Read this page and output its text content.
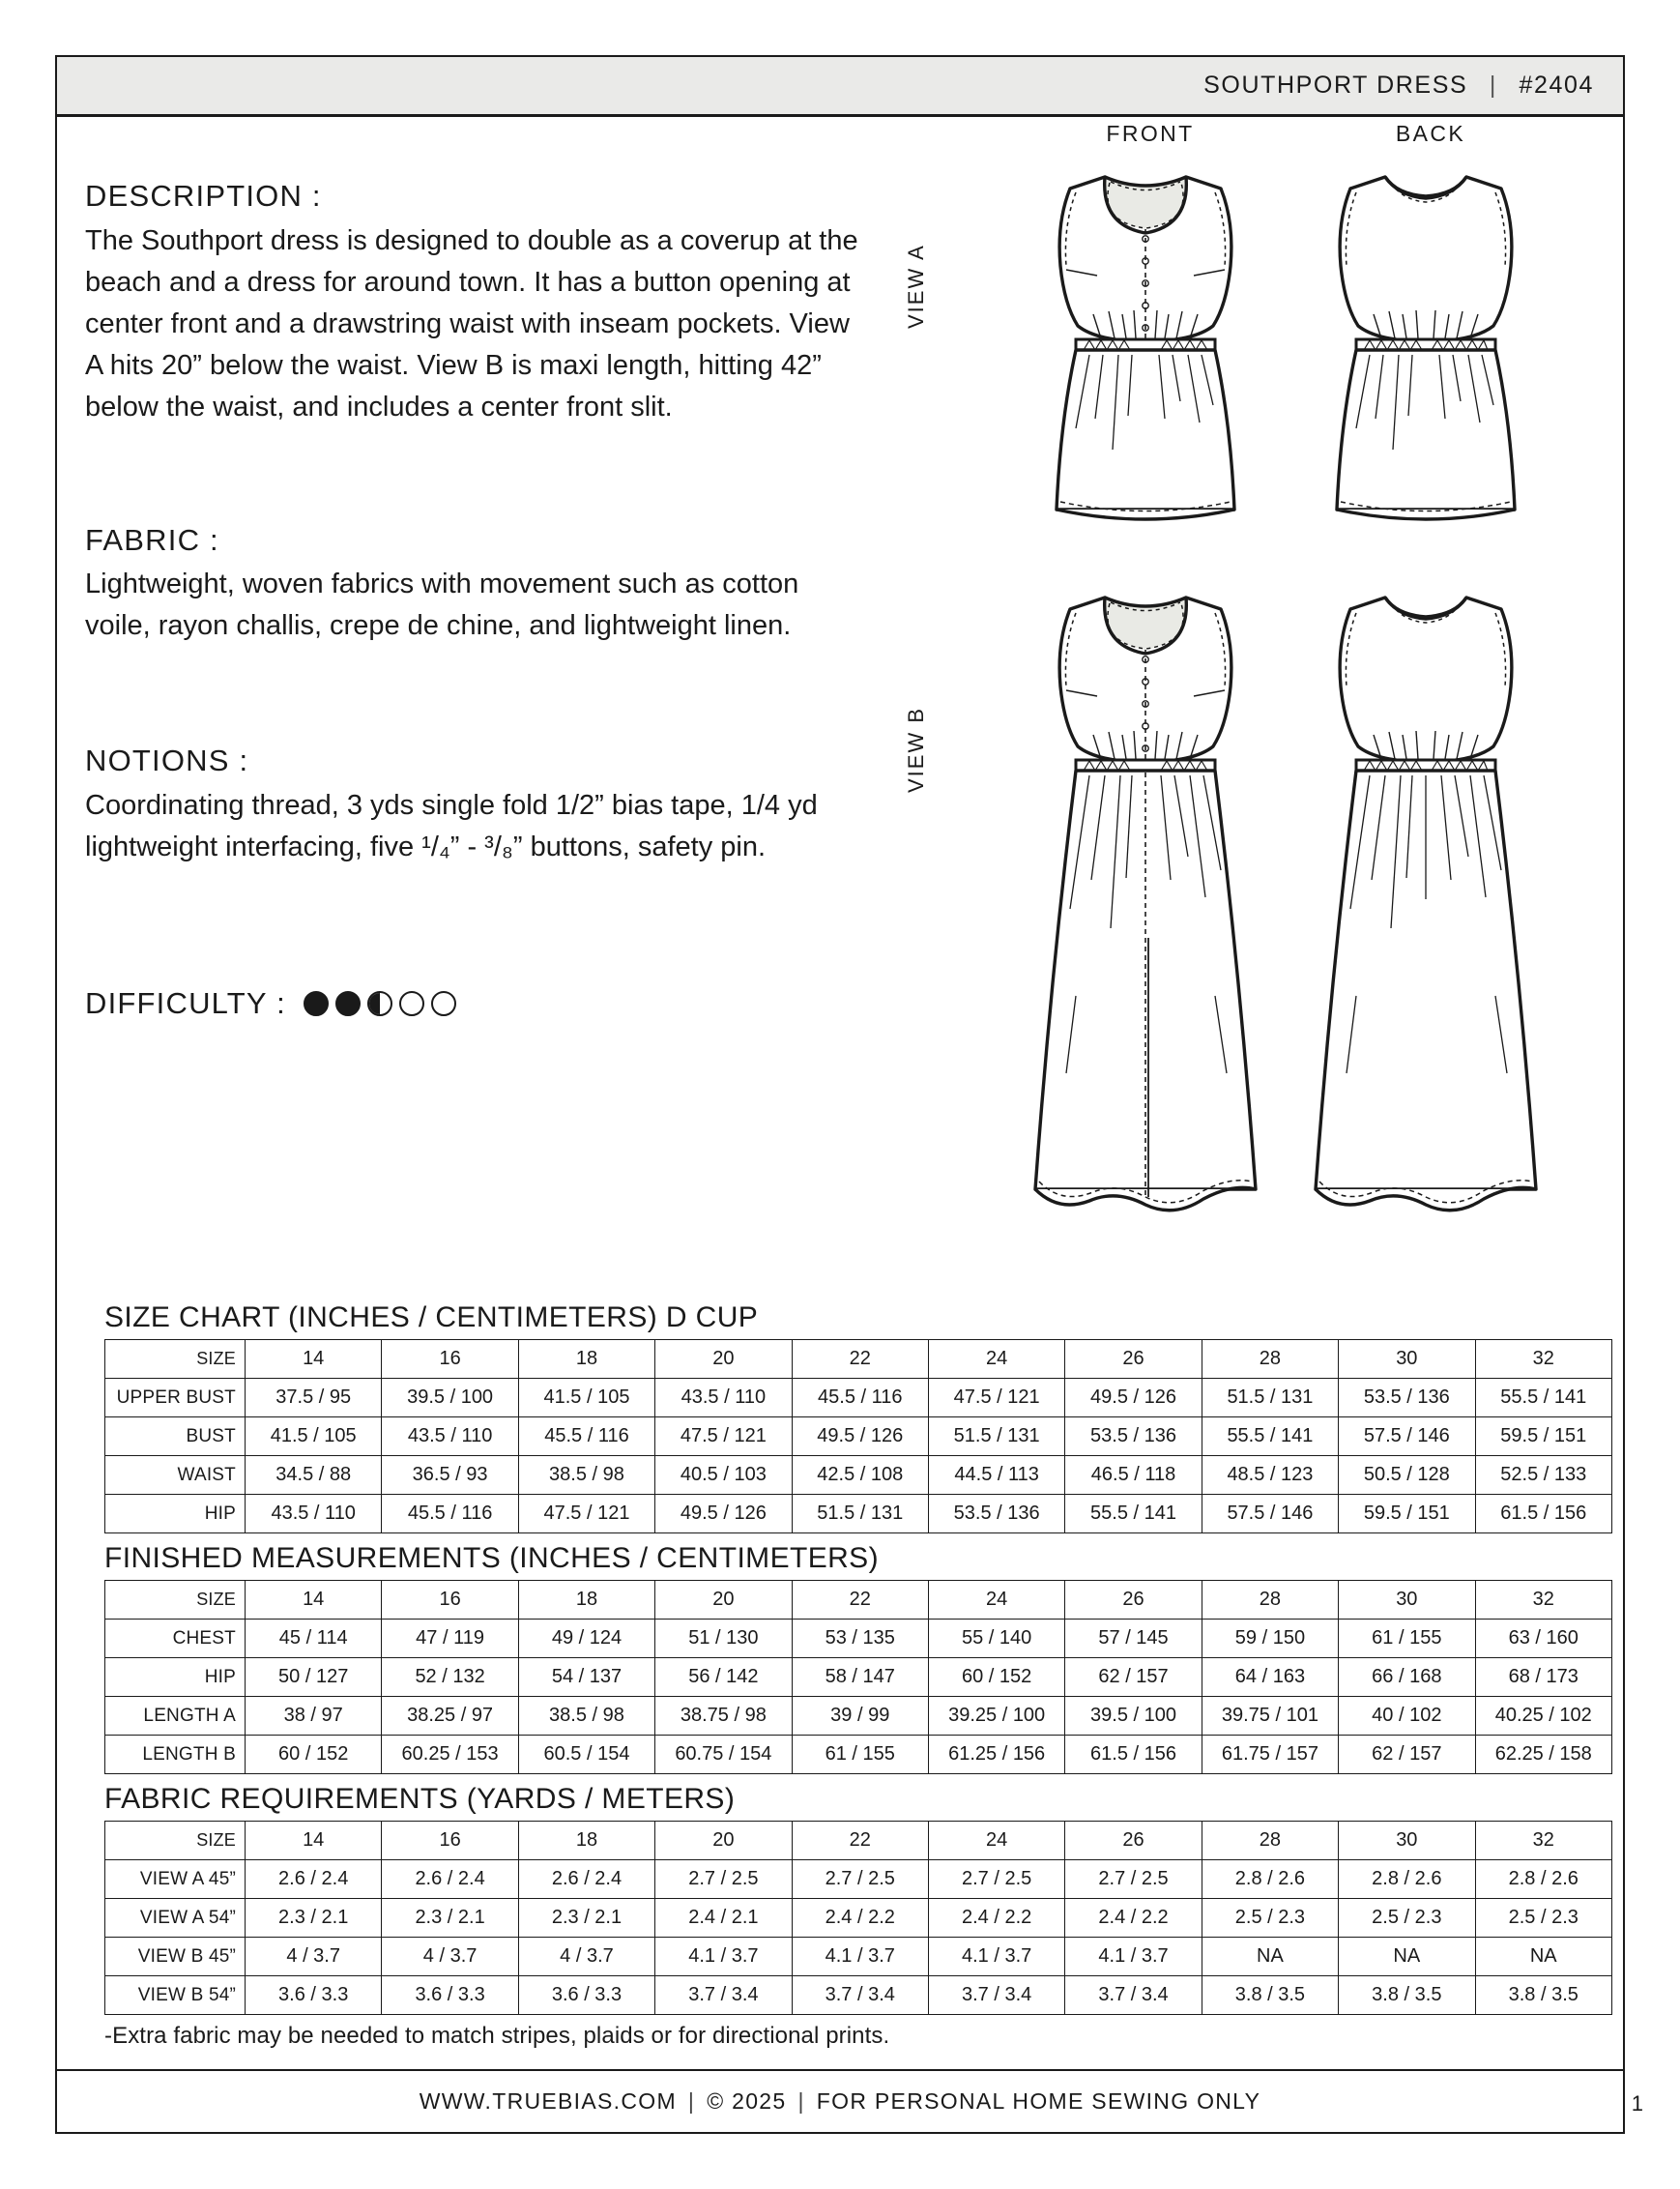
SOUTHPORT DRESS | #2404
DESCRIPTION :

The Southport dress is designed to double as a coverup at the beach and a dress for around town. It has a button opening at center front and a drawstring waist with inseam pockets. View A hits 20” below the waist. View B is maxi length, hitting 42” below the waist, and includes a center front slit.

FABRIC :

Lightweight, woven fabrics with movement such as cotton voile, rayon challis, crepe de chine, and lightweight linen.

NOTIONS :

Coordinating thread, 3 yds single fold 1/2” bias tape, 1/4 yd lightweight interfacing, five ¹/₄” - ³/₈” buttons, safety pin.

DIFFICULTY :
FRONT	BACK
VIEW A
VIEW B
SIZE CHART (INCHES / CENTIMETERS) D CUP
SIZE	14	16	18	20	22	24	26	28	30	32
UPPER BUST	37.5 / 95	39.5 / 100	41.5 / 105	43.5 / 110	45.5 / 116	47.5 / 121	49.5 / 126	51.5 / 131	53.5 / 136	55.5 / 141
BUST	41.5 / 105	43.5 / 110	45.5 / 116	47.5 / 121	49.5 / 126	51.5 / 131	53.5 / 136	55.5 / 141	57.5 / 146	59.5 / 151
WAIST	34.5 / 88	36.5 / 93	38.5 / 98	40.5 / 103	42.5 / 108	44.5 / 113	46.5 / 118	48.5 / 123	50.5 / 128	52.5 / 133
HIP	43.5 / 110	45.5 / 116	47.5 / 121	49.5 / 126	51.5 / 131	53.5 / 136	55.5 / 141	57.5 / 146	59.5 / 151	61.5 / 156
FINISHED MEASUREMENTS (INCHES / CENTIMETERS)
SIZE	14	16	18	20	22	24	26	28	30	32
CHEST	45 / 114	47 / 119	49 / 124	51 / 130	53 / 135	55 / 140	57 / 145	59 / 150	61 / 155	63 / 160
HIP	50 / 127	52 / 132	54 / 137	56 / 142	58 / 147	60 / 152	62 / 157	64 / 163	66 / 168	68 / 173
LENGTH A	38 / 97	38.25 / 97	38.5 / 98	38.75 / 98	39 / 99	39.25 / 100	39.5 / 100	39.75 / 101	40 / 102	40.25 / 102
LENGTH B	60 / 152	60.25 / 153	60.5 / 154	60.75 / 154	61 / 155	61.25 / 156	61.5 / 156	61.75 / 157	62 / 157	62.25 / 158
FABRIC REQUIREMENTS (YARDS / METERS)
SIZE	14	16	18	20	22	24	26	28	30	32
VIEW A 45”	2.6 / 2.4	2.6 / 2.4	2.6 / 2.4	2.7 / 2.5	2.7 / 2.5	2.7 / 2.5	2.7 / 2.5	2.8 / 2.6	2.8 / 2.6	2.8 / 2.6
VIEW A 54”	2.3 / 2.1	2.3 / 2.1	2.3 / 2.1	2.4 / 2.1	2.4 / 2.2	2.4 / 2.2	2.4 / 2.2	2.5 / 2.3	2.5 / 2.3	2.5 / 2.3
VIEW B 45”	4 / 3.7	4 / 3.7	4 / 3.7	4.1 / 3.7	4.1 / 3.7	4.1 / 3.7	4.1 / 3.7	NA	NA	NA
VIEW B 54”	3.6 / 3.3	3.6 / 3.3	3.6 / 3.3	3.7 / 3.4	3.7 / 3.4	3.7 / 3.4	3.7 / 3.4	3.8 / 3.5	3.8 / 3.5	3.8 / 3.5

-Extra fabric may be needed to match stripes, plaids or for directional prints.

WWW.TRUEBIAS.COM | © 2025 | FOR PERSONAL HOME SEWING ONLY	1
